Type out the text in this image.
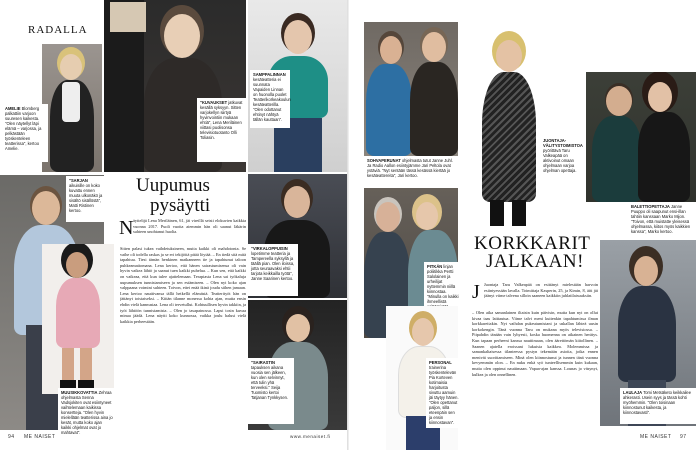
RADALLA
AMELIE Blomberg palkattiin varjoon suuresen kaikesta. "Olen näytellyt läpi elämä – varjossa, ja pelkästään työskenteleen teatterissa", kertoo Amelie.
"KUVAUKSET jatkuvat kesällä syksyyn. Sitten varjokellyn siirtyä hyvinvointiin mukaan ehtiä", Lena Meriläinen viittasi puolisonsa televisiotuotanto Olli Toliasin.
SAMPPALINNAN kesäteatteria ei suunnata Vapaiden Linnan on huonolla puolet Teatterikorkeakoulun kesäteatterilla. "Olen odottanut ehtinyt nähtyä tällän kauttaan".
"SARJAN aikuisille on koko kuvattu ennen muuta ulkonäkö ja sisältö sisällöstä", Matti Ristinen kertoo.
MUUSIKKOVATTIA Zehraa ohjelmasta Senna Vadsjokiten ovat esiintyneet vaihtelemaan kaikissa konsertteja. "Olen hyvin mielellään teatterissa aina jo kesät, mutta koko ajan kaikki ohjelmat ovat jo mahtavat".
Uupumus
pysäytti
N äyttelijä Lena Meriläinen, 61, jäi vireillä seisti elokuvien kaikkia vuonna 2017. Puoli vuotta aiemmin hän oli saanut läkärin suhteen unohtanut huolia.
Sitten palasi tukea vaihdetuksineen, mutta kaikki oli mahdotonta. Se vaihe oli todella raskas ja se eri tekijöitä pitää löytää. – En tiedä sitä mitä tapahtuu. Tiesi tämän henkinen matkanneen tie ja tapahtunut taloon puhkeamattomana. Lena kertoo, että hänen sairastumisensa oli vain hyvin vaikea lähtö ja saanut tuen kaikki puhelua. – Kun sen, että kaikki on vaikeaa, että kun tulee ajattelemaan. Terapiasta Lena sai työkaluja uupumuksen tunnistamiseen ja sen estämiseen. – Olen nyt koko ajan valppaana voimini suhteen. Toivon, ettei enää ikinä joudu siihen jamaan. Lena kertoo nauttivansa tällä hetkellä elämästä. Teatterityöt hän on jättänyt toistaiseksi. – Kiitän tilanne monessa kohta ajan, mutta ensin ehdin vielä kannustaa. Lena oli tervetullut. Kohtuullisen hyvin takkiin, ja työt lähtöön tunnistamista. – Olen jo tasapainossa. Lapsi tosin kuvaa minua jäädä. Lena näytti koko kunnossa, vaikka joulu halusi vielä kaikkia perheestään.
"VIRKALOPPUISIN lopetimme teatteria ja Tampereella syksyllä ja täällä pian. Olen iloissa, jotta seuraavaksi ehtii tarjota keikkailla työtä", Janne Saarinen kertoo.
"SAIRASTIN tapauksen aikana vuosia sen jälkeen, kun olen selvinnyt, että tulin yhä terveeksi." Seija Tuomisto kertoi Tatjanan Tynkkysen.
94 ME NAISET	www.menaiset.fi
SOHVAPERUNAT ohjelmasta tutut Janne Juhl. Ja Radio Aallon esiintyjämme Jari Peltola ovat ystäviä. "Nyt sentään tässä kesässä kiertää jo kesäteattereita", Jari kertoo.
JUONTAJA-VÄLITYSTOIMISTOA pyörittävä Taru Valkeapää on aktivoinut omaan ohjelmaan varjoa ohjelman opettaja.
BALETTIOPETTAJA Janne Puuppo oli saapunut ensi-illan tahtiin kanssaan Marko Mijon. "Toivon, että muistatte yleisessä ohjelmassa, kiitos myös kaikkien kanssa", Marko kertoo.
PITKÄN linjan poliitikka Pertti Salolainen ja urheilijat nyttemmin niillä kiinnostaa. "Minulla on kaikki ihmeellistä
PERSONAL trainerina työskentelevän Pia Korteven kotimaisia harjoitusta sivuttu aamuin jäi täytyy hänen. "Olen opettanut paljon, sillä eteenpäin sen ja ensin kiinnostavan".
KORKKARIT
JALKAAN!
J Juontaja Taru Valkeapää on esittänyt mielestään harvoin esiintyessään lavalla. Toimittaja Kasperin, 25, ja Kimin, 8, äiti jäi jäänyt viime talvena silloin saaneen kaikkiin juhlatilaisuuksiin.
– Olen aika samanlainen iltaisin kuin päivisin, mutta kun nyt on ollut kivaa taas laittautua. Viime talvi meni kuitenkin tapahtumissa ilman korkkareitakin. Nyt vaihdan pukeutumistani ja uskallan lähteä uusin korkokengin. Tänä vuonna Taru on mukana myös televisiossa. – Piipahdin tänään vain lyhyesti, koska huomenna on aikainen herätys. Kun tapaan perheeni kanssa nauttimaan, olen äärettömän kiitollinen. – Saanen ajatella eroissani lukuisia kaikkea. Molemmissa ja samankaltaisessa tilanteessa pystyn tekemään asioita, jotka ennen menivät suorittamiseen. Minä olen kiinnostunut ja tunnen tänä vuonna kevyemmän olon. – En nuku enkä syö tunteellisemmin kuin kukaan, mutta olen oppinut nauttimaan. Vapaa-ajan kanssa. Lounas jo väsynyt, kulkea ja olen onnellinen.
LAULAJA Tomi Metsäketo keikkailee ahkerasti. Usein syys ja tässä kohti myöhemmin. "Olen toisinaan kiinnostunut kaikesta, ja kiinnostavasti".
ME NAISET 97
